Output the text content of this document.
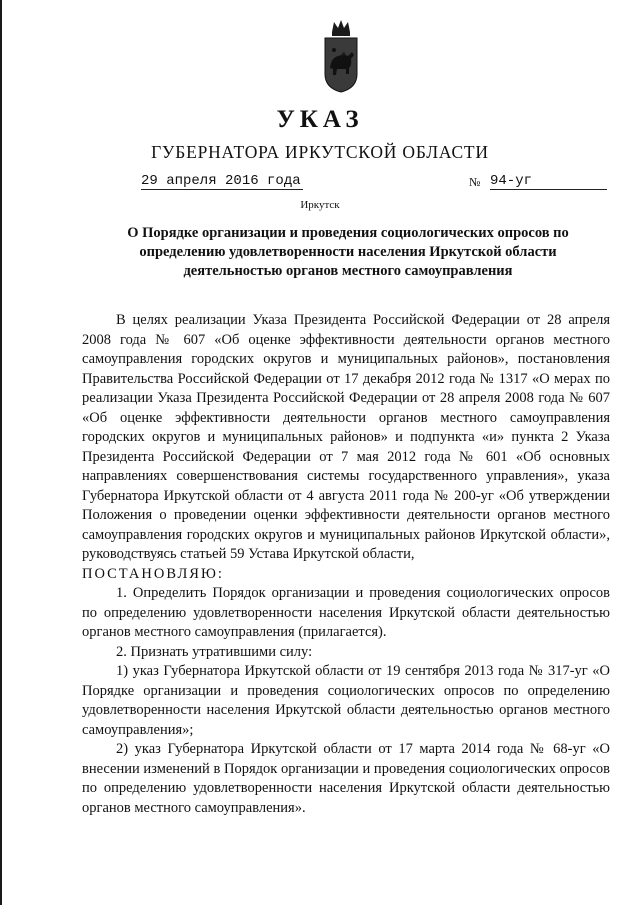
УКАЗ
ГУБЕРНАТОРА ИРКУТСКОЙ ОБЛАСТИ
29 апреля 2016 года	№ 94-уг
Иркутск
О Порядке организации и проведения социологических опросов по определению удовлетворенности населения Иркутской области деятельностью органов местного самоуправления

В целях реализации Указа Президента Российской Федерации от 28 апреля 2008 года № 607 «Об оценке эффективности деятельности органов местного самоуправления городских округов и муниципальных районов», постановления Правительства Российской Федерации от 17 декабря 2012 года № 1317 «О мерах по реализации Указа Президента Российской Федерации от 28 апреля 2008 года № 607 «Об оценке эффективности деятельности органов местного самоуправления городских округов и муниципальных районов» и подпункта «и» пункта 2 Указа Президента Российской Федерации от 7 мая 2012 года № 601 «Об основных направлениях совершенствования системы государственного управления», указа Губернатора Иркутской области от 4 августа 2011 года № 200-уг «Об утверждении Положения о проведении оценки эффективности деятельности органов местного самоуправления городских округов и муниципальных районов Иркутской области», руководствуясь статьей 59 Устава Иркутской области,

ПОСТАНОВЛЯЮ:

1. Определить Порядок организации и проведения социологических опросов по определению удовлетворенности населения Иркутской области деятельностью органов местного самоуправления (прилагается).

2. Признать утратившими силу:

1) указ Губернатора Иркутской области от 19 сентября 2013 года № 317-уг «О Порядке организации и проведения социологических опросов по определению удовлетворенности населения Иркутской области деятельностью органов местного самоуправления»;

2) указ Губернатора Иркутской области от 17 марта 2014 года № 68-уг «О внесении изменений в Порядок организации и проведения социологических опросов по определению удовлетворенности населения Иркутской области деятельностью органов местного самоуправления».
